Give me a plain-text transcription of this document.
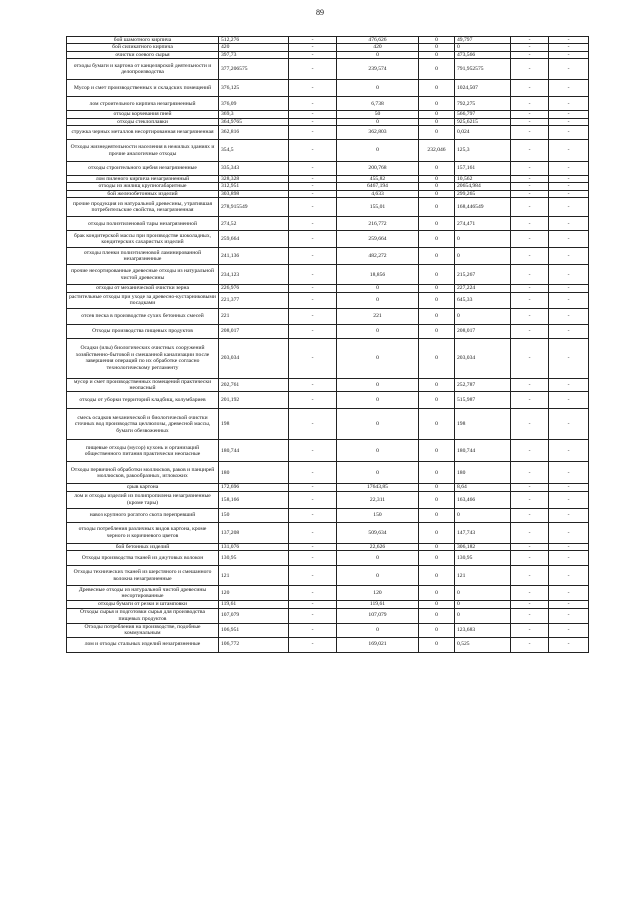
89
бой шамотного кирпича	512,276	-	476,626	0	49,797	-	-
бой силикатного кирпича	420	-	420	0	0	-	-
очистки соевого сырья	397,73	-	0	0	473,566	-	-
отходы бумаги и картона от канцелярской деятельности и делопроизводства	377,206575	-	239,574	0	791,952575	-	-
Мусор и смет производственных и складских помещений	376,125	-	0	0	1024,507	-	-
лом строительного кирпича незагрязненный	376,09	-	6,738	0	792,275	-	-
отходы корчевания пней	369,3	-	50	0	566,797	-	-
отходы стеклоплавки	364,9765	-	0	0	925,6215	-	-
стружка черных металлов несортированная незагрязненная	362,816	-	362,803	0	0,024	-	-
Отходы жизнедеятельности населения в нежилых зданиях и прочие аналогичные отходы	354,5	-	0	232,046	125,3	-	-
отходы строительного щебня незагрязненные	335,343	-	200,768	0	157,161	-	-
лом пиленого кирпича незагрязненный	328,328	-	455,82	0	10,562	-	-
отходы из жилищ крупногабаритные	312,951	-	6467,194	0	20654,984	-	-
бой железобетонных изделий	303,898	-	4,633	0	299,265	-	-
прочие продукция из натуральной древесины, утратившая потребительские свойства, незагрязненная	278,915549	-	155,01	0	168,446549	-	-
отходы полиэтиленовой тары незагрязненной	274,52	-	216,772	0	274,471	-	-
брак кондитерской массы при производстве шоколадных, кондитерских сахаристых изделий	259,664	-	259,664	0	0	-	-
отходы пленки полиэтиленовой ламинированной незагрязненные	241,136	-	482,272	0	0	-	-
прочие несортированные древесные отходы из натуральной чистой древесины	234,123	-	18,856	0	215,267	-	-
отходы от механической очистки зерна	226,976	-	0	0	227,224	-	-
растительные отходы при уходе за древесно-кустарниковыми посадками	221,377	-	0	0	645,33	-	-
отсев песка в производстве сухих бетонных смесей	221	-	221	0	0	-	-
Отходы производства пищевых продуктов	208,017	-	0	0	208,017	-	-
Осадки (илы) биологических очистных сооружений хозяйственно-бытовой и смешанной канализации после завершения операций по их обработке согласно технологическому регламенту	203,034	-	0	0	203,034	-	-
мусор и смет производственных помещений практически неопасный	202,761	-	0	0	252,787	-	-
отходы от уборки территорий кладбищ, колумбариев	201,192	-	0	0	515,987	-	-
смесь осадков механической и биологической очистки сточных вод производства целлюлозы, древесной массы, бумаги обезвоженных	198	-	0	0	198	-	-
пищевые отходы (мусор) кухонь и организаций общественного питания практически неопасные	180,744	-	0	0	180,744	-	-
Отходы первичной обработки моллюсков, раков и панцирей моллюсков, ракообразных, иглокожих	180	-	0	0	180	-	-
срыв картона	172,696	-	17643,85	0	8,64	-	-
лом и отходы изделий из полипропилена незагрязненные (кроме тары)	158,166	-	22,311	0	163,466	-	-
навоз крупного рогатого скота перепревший	150	-	150	0	0	-	-
отходы потребления различных видов картона, кроме черного и коричневого цветов	137,208	-	509,634	0	147,743	-	-
бой бетонных изделий	131,076	-	22,626	0	306,182	-	-
Отходы производства тканей из джутовых волокон	130,95	-	0	0	130,95	-	-
Отходы технических тканей из шерстяного и смешанного волокна незагрязненные	121	-	0	0	121	-	-
Древесные отходы из натуральной чистой древесины несортированные	120	-	120	0	0	-	-
отходы бумаги от резки и штамповки	119,61	-	119,61	0	0	-	-
Отходы сырья и подготовки сырья для производства пищевых продуктов	107,079	-	107,079	0	0	-	-
Отходы потребления на производстве, подобные коммунальным	106,951	-	0	0	123,683	-	-
лом и отходы стальных изделий незагрязненные	106,772	-	169,021	0	0,525	-	-
